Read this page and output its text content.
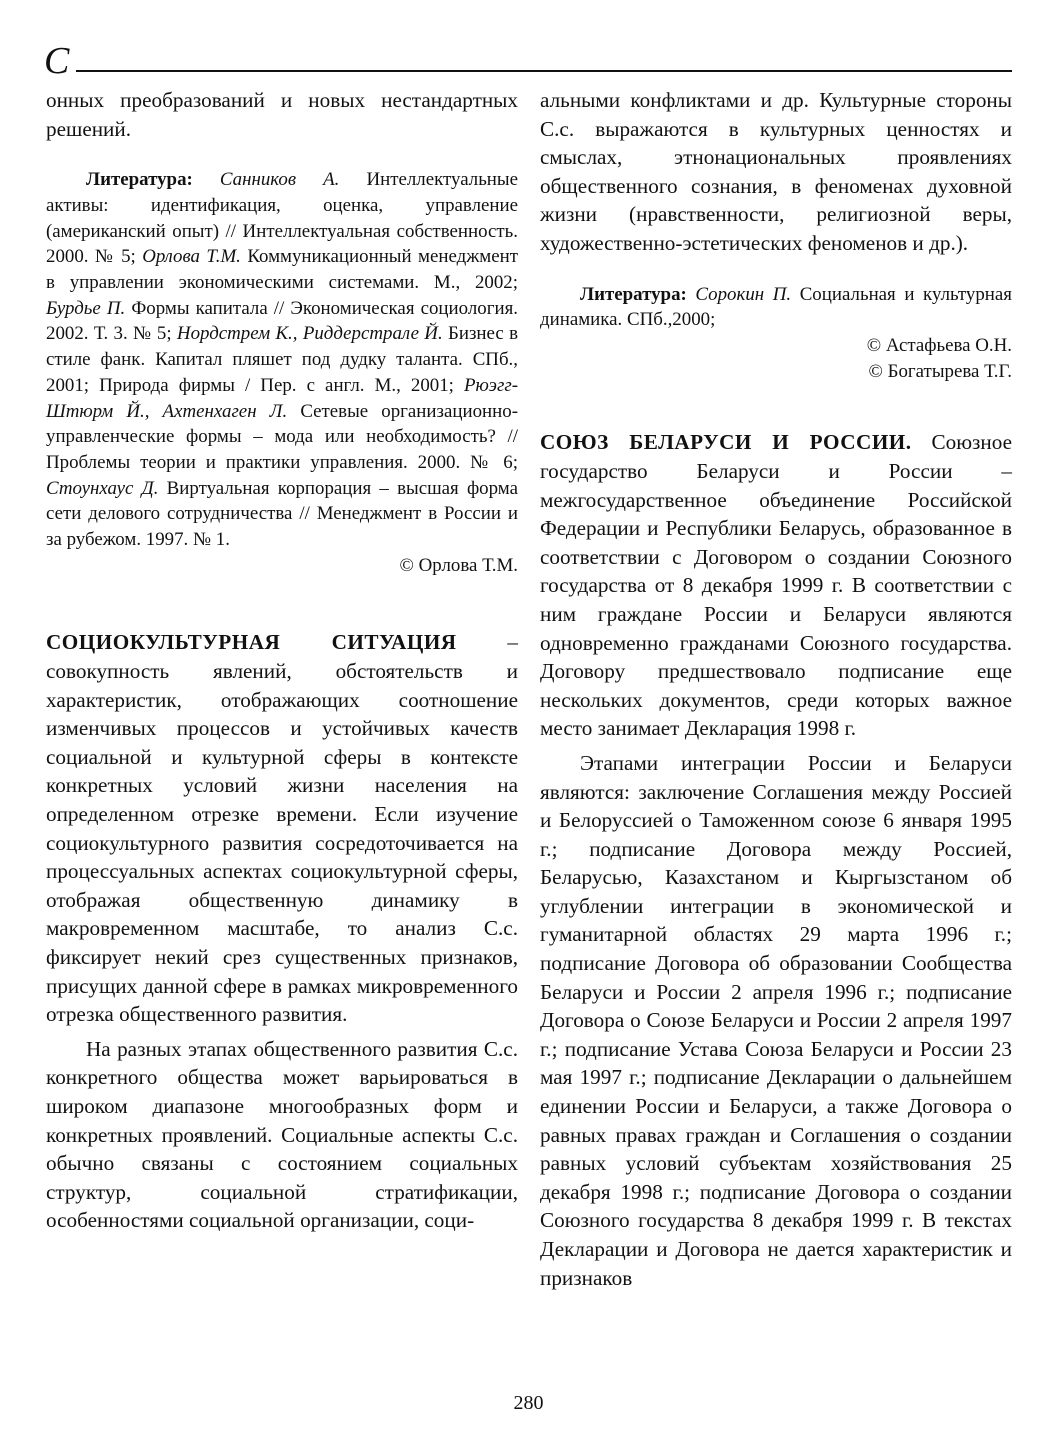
С

онных преобразований и новых нестандартных решений.

Литература: Санников А. Интеллектуальные активы: идентификация, оценка, управление (американский опыт) // Интеллектуальная собственность. 2000. № 5; Орлова Т.М. Коммуникационный менеджмент в управлении экономическими системами. М., 2002; Бурдье П. Формы капитала // Экономическая социология. 2002. Т. 3. № 5; Нордстрем К., Риддерстрале Й. Бизнес в стиле фанк. Капитал пляшет под дудку таланта. СПб., 2001; Природа фирмы / Пер. с англ. М., 2001; Рюэгг-Штюрм Й., Ахтенхаген Л. Сетевые организационно-управленческие формы – мода или необходимость? // Проблемы теории и практики управления. 2000. № 6; Стоунхаус Д. Виртуальная корпорация – высшая форма сети делового сотрудничества // Менеджмент в России и за рубежом. 1997. № 1.

© Орлова Т.М.

СОЦИОКУЛЬТУРНАЯ СИТУАЦИЯ – совокупность явлений, обстоятельств и характеристик, отображающих соотношение изменчивых процессов и устойчивых качеств социальной и культурной сферы в контексте конкретных условий жизни населения на определенном отрезке времени. Если изучение социокультурного развития сосредоточивается на процессуальных аспектах социокультурной сферы, отображая общественную динамику в макровременном масштабе, то анализ С.с. фиксирует некий срез существенных признаков, присущих данной сфере в рамках микровременного отрезка общественного развития.

На разных этапах общественного развития С.с. конкретного общества может варьироваться в широком диапазоне многообразных форм и конкретных проявлений. Социальные аспекты С.с. обычно связаны с состоянием социальных структур, социальной стратификации, особенностями социальной организации, соци-

альными конфликтами и др. Культурные стороны С.с. выражаются в культурных ценностях и смыслах, этнонациональных проявлениях общественного сознания, в феноменах духовной жизни (нравственности, религиозной веры, художественно-эстетических феноменов и др.).

Литература: Сорокин П. Социальная и культурная динамика. СПб.,2000;

© Астафьева О.Н.

© Богатырева Т.Г.

СОЮЗ БЕЛАРУСИ И РОССИИ. Союзное государство Беларуси и России – межгосударственное объединение Российской Федерации и Республики Беларусь, образованное в соответствии с Договором о создании Союзного государства от 8 декабря 1999 г. В соответствии с ним граждане России и Беларуси являются одновременно гражданами Союзного государства. Договору предшествовало подписание еще нескольких документов, среди которых важное место занимает Декларация 1998 г.

Этапами интеграции России и Беларуси являются: заключение Соглашения между Россией и Белоруссией о Таможенном союзе 6 января 1995 г.; подписание Договора между Россией, Беларусью, Казахстаном и Кыргызстаном об углублении интеграции в экономической и гуманитарной областях 29 марта 1996 г.; подписание Договора об образовании Сообщества Беларуси и России 2 апреля 1996 г.; подписание Договора о Союзе Беларуси и России 2 апреля 1997 г.; подписание Устава Союза Беларуси и России 23 мая 1997 г.; подписание Декларации о дальнейшем единении России и Беларуси, а также Договора о равных правах граждан и Соглашения о создании равных условий субъектам хозяйствования 25 декабря 1998 г.; подписание Договора о создании Союзного государства 8 декабря 1999 г. В текстах Декларации и Договора не дается характеристик и признаков

280
